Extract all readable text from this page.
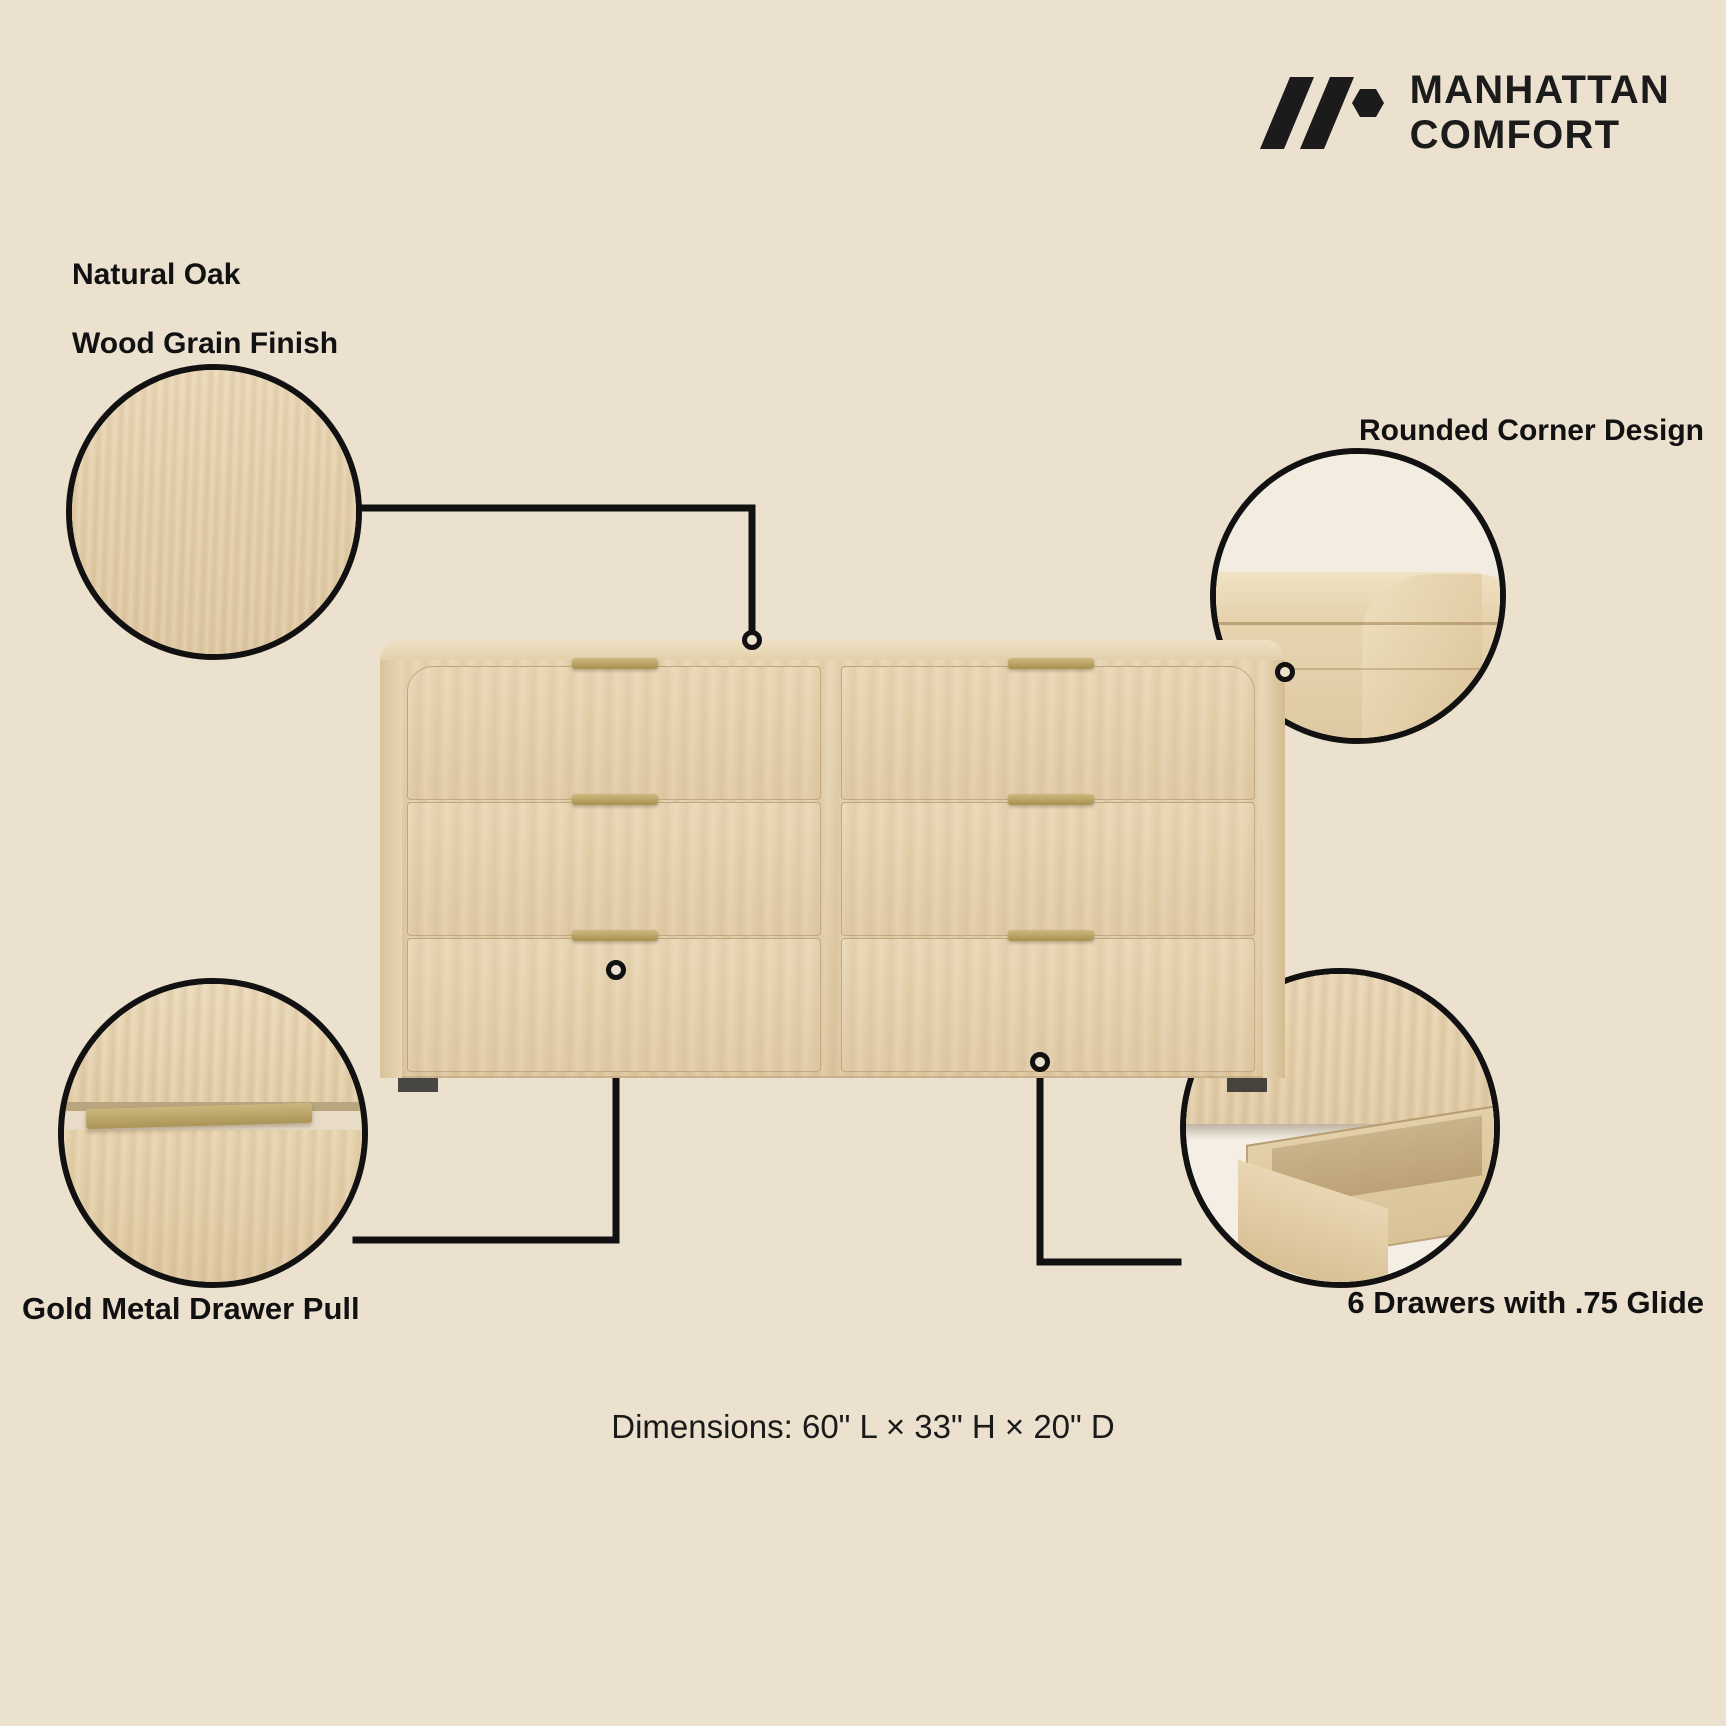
MANHATTAN
COMFORT
Natural Oak
Wood Grain Finish
Rounded Corner Design
Gold Metal Drawer Pull	6 Drawers with .75 Glide
Dimensions: 60" L × 33" H × 20" D
